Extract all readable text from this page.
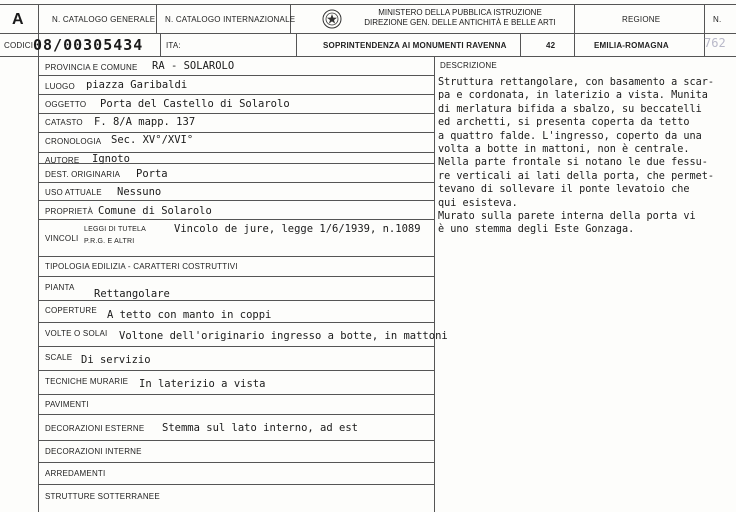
A	N. CATALOGO GENERALE N. CATALOGO INTERNAZIONALE
MINISTERO DELLA PUBBLICA ISTRUZIONE
DIREZIONE GEN. DELLE ANTICHITÀ E BELLE ARTI	REGIONE	N.
CODICI 08/00305434	ITA:	SOPRINTENDENZA AI MONUMENTI RAVENNA	42	EMILIA-ROMAGNA	762
PROVINCIA E COMUNE RA - SOLAROLO
LUOGO piazza Garibaldi
OGGETTO Porta del Castello di Solarolo
CATASTO F. 8/A mapp. 137
CRONOLOGIA Sec. XV°/XVI°
AUTORE Ignoto
DEST. ORIGINARIA Porta
USO ATTUALE Nessuno
PROPRIETÀ Comune di Solarolo
VINCOLI
LEGGI DI TUTELA
P.R.G. E ALTRI
Vincolo de jure, legge 1/6/1939, n.1089
TIPOLOGIA EDILIZIA - CARATTERI COSTRUTTIVI
PIANTA
Rettangolare
COPERTURE A tetto con manto in coppi
VOLTE O SOLAI Voltone dell'originario ingresso a botte, in mattoni
SCALE Di servizio
TECNICHE MURARIE In laterizio a vista
PAVIMENTI
DECORAZIONI ESTERNE Stemma sul lato interno, ad est
DECORAZIONI INTERNE
ARREDAMENTI
STRUTTURE SOTTERRANEE
DESCRIZIONE
Struttura rettangolare, con basamento a scar-
pa e cordonata, in laterizio a vista. Munita
di merlatura bifida a sbalzo, su beccatelli
ed archetti, si presenta coperta da tetto
a quattro falde. L'ingresso, coperto da una
volta a botte in mattoni, non è centrale.
Nella parte frontale si notano le due fessu-
re verticali ai lati della porta, che permet-
tevano di sollevare il ponte levatoio che
qui esisteva.
Murato sulla parete interna della porta vi
è uno stemma degli Este Gonzaga.
